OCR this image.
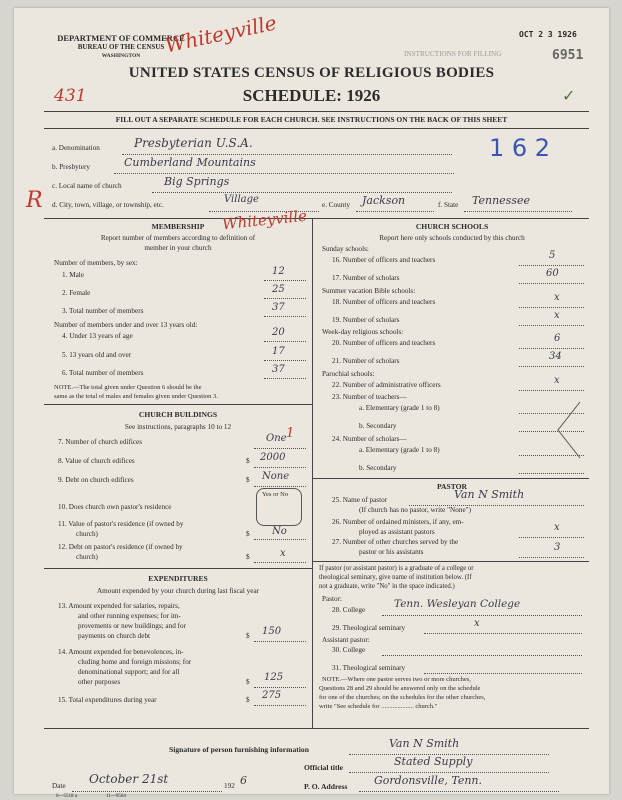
DEPARTMENT OF COMMERCE
BUREAU OF THE CENSUS
WASHINGTON	INSTRUCTIONS FOR FILLING
OCT 2 3 1926
6951
UNITED STATES CENSUS OF RELIGIOUS BODIES
SCHEDULE: 1926
FILL OUT A SEPARATE SCHEDULE FOR EACH CHURCH. SEE INSTRUCTIONS ON THE BACK OF THIS SHEET
Whiteyville
431
R
1 6 2
✓
a. Denomination	Presbyterian U.S.A.
b. Presbytery	Cumberland Mountains
c. Local name of church	Big Springs
d. City, town, village, or township, etc.	Village	e. County Jackson	f. State Tennessee
MEMBERSHIP	Whiteyville
Report number of members according to definition of
member in your church
Number of members, by sex:
1. Male	12
2. Female	25
3. Total number of members	37
Number of members under and over 13 years old:
4. Under 13 years of age	20
5. 13 years old and over	17
6. Total number of members	37
NOTE.—The total given under Question 6 should be the
same as the total of males and females given under Question 3.
CHURCH BUILDINGS
See instructions, paragraphs 10 to 12
7. Number of church edifices	One 1
8. Value of church edifices	$ 2000
9. Debt on church edifices	$ None
10. Does church own pastor's residence
Yes or No
No
11. Value of pastor's residence (if owned by
church)	$
12. Debt on pastor's residence (if owned by
church)	$	x
EXPENDITURES
Amount expended by your church during last fiscal year
13. Amount expended for salaries, repairs,
and other running expenses; for im-
provements or new buildings; and for
payments on church debt	$ 150
14. Amount expended for benevolences, in-
cluding home and foreign missions; for
denominational support; and for all
other purposes	$ 125
15. Total expenditures during year	$ 275
CHURCH SCHOOLS
Report here only schools conducted by this church
Sunday schools:
16. Number of officers and teachers	5
17. Number of scholars	60
Summer vacation Bible schools:
18. Number of officers and teachers	x
19. Number of scholars	x
Week-day religious schools:
20. Number of officers and teachers	6
21. Number of scholars	34
Parochial schools:
22. Number of administrative officers	x
23. Number of teachers—
a. Elementary (grade 1 to 8)
b. Secondary
24. Number of scholars—
a. Elementary (grade 1 to 8)
b. Secondary
PASTOR
25. Name of pastor	Van N Smith
(If church has no pastor, write "None")
26. Number of ordained ministers, if any, em-
ployed as assistant pastors	x
27. Number of other churches served by the
pastor or his assistants	3
If pastor (or assistant pastor) is a graduate of a college or
theological seminary, give name of institution below. (If
not a graduate, write "No" in the space indicated.)
Pastor:
28. College	Tenn. Wesleyan College
29. Theological seminary	x
Assistant pastor:
30. College
31. Theological seminary
NOTE.—Where one pastor serves two or more churches,
Questions 28 and 29 should be answered only on the schedule
for one of the churches; on the schedules for the other churches,
write "See schedule for .................... church."
Signature of person furnishing information	Van N Smith
Official title	Stated Supply
Date October 21st	192 6	P. O. Address Gordonsville, Tenn.
6—5518 a	11—9564
